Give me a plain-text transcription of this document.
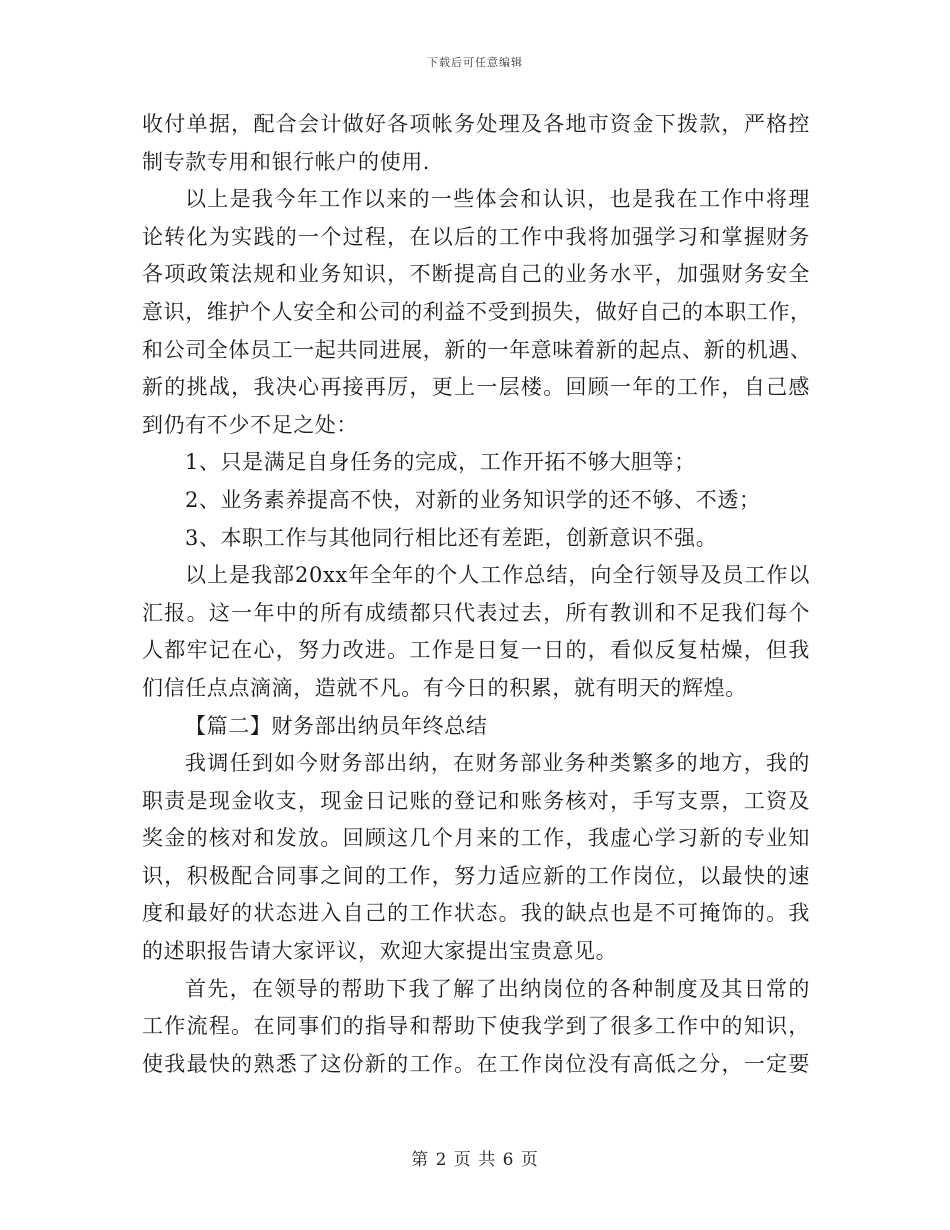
下载后可任意编辑
收付单据，配合会计做好各项帐务处理及各地市资金下拨款，严格控
制专款专用和银行帐户的使用.
以上是我今年工作以来的一些体会和认识，也是我在工作中将理
论转化为实践的一个过程，在以后的工作中我将加强学习和掌握财务
各项政策法规和业务知识，不断提高自己的业务水平，加强财务安全
意识，维护个人安全和公司的利益不受到损失，做好自己的本职工作，
和公司全体员工一起共同进展，新的一年意味着新的起点、新的机遇、
新的挑战，我决心再接再厉，更上一层楼。回顾一年的工作，自己感
到仍有不少不足之处：
1、只是满足自身任务的完成，工作开拓不够大胆等；
2、业务素养提高不快，对新的业务知识学的还不够、不透；
3、本职工作与其他同行相比还有差距，创新意识不强。
以上是我部20xx年全年的个人工作总结，向全行领导及员工作以
汇报。这一年中的所有成绩都只代表过去，所有教训和不足我们每个
人都牢记在心，努力改进。工作是日复一日的，看似反复枯燥，但我
们信任点点滴滴，造就不凡。有今日的积累，就有明天的辉煌。
【篇二】财务部出纳员年终总结
我调任到如今财务部出纳，在财务部业务种类繁多的地方，我的
职责是现金收支，现金日记账的登记和账务核对，手写支票，工资及
奖金的核对和发放。回顾这几个月来的工作，我虚心学习新的专业知
识，积极配合同事之间的工作，努力适应新的工作岗位，以最快的速
度和最好的状态进入自己的工作状态。我的缺点也是不可掩饰的。我
的述职报告请大家评议，欢迎大家提出宝贵意见。
首先，在领导的帮助下我了解了出纳岗位的各种制度及其日常的
工作流程。在同事们的指导和帮助下使我学到了很多工作中的知识，
使我最快的熟悉了这份新的工作。在工作岗位没有高低之分，一定要
第 2 页 共 6 页
